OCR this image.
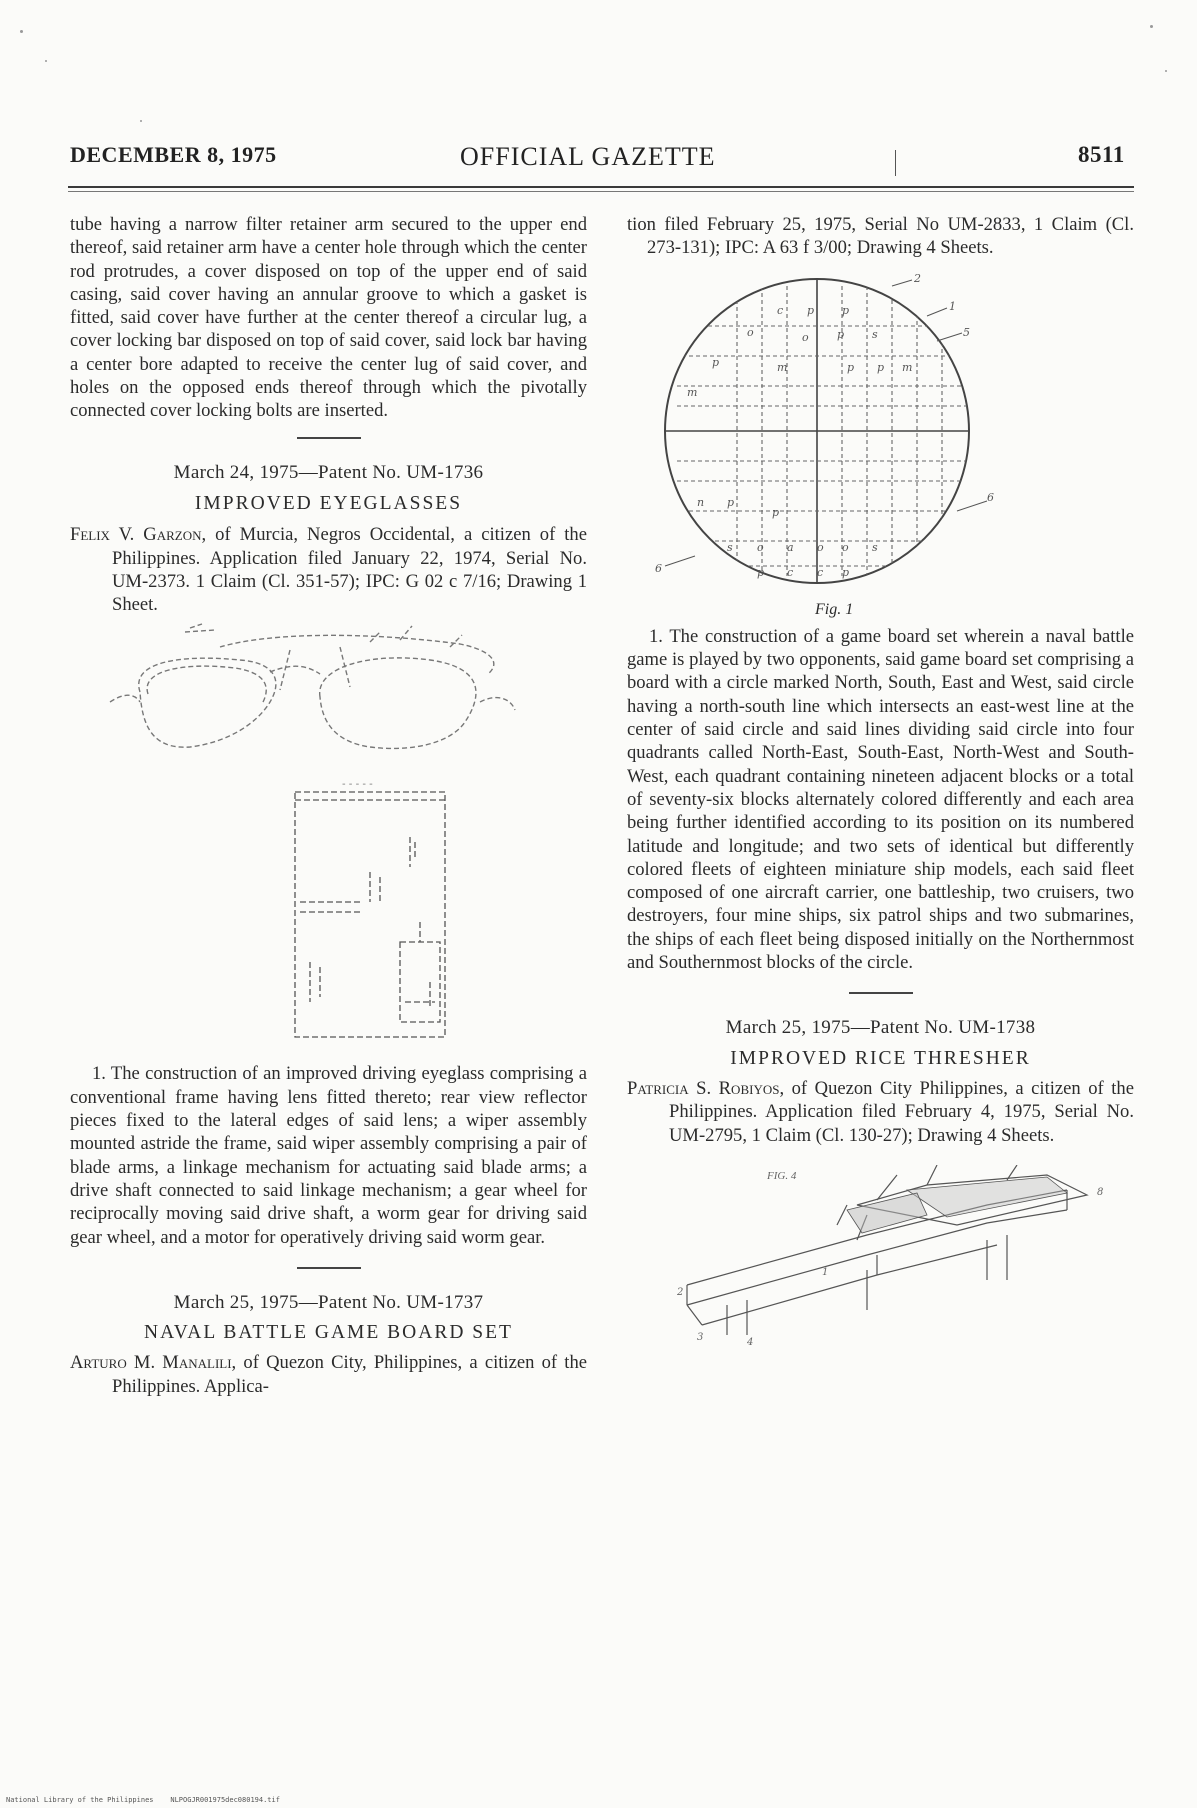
DECEMBER 8, 1975	OFFICIAL GAZETTE	8511

tube having a narrow filter retainer arm secured to the upper end thereof, said retainer arm have a center hole through which the center rod protrudes, a cover disposed on top of the upper end of said casing, said cover having an annular groove to which a gasket is fitted, said cover have further at the center thereof a circular lug, a cover locking bar disposed on top of said cover, said lock bar having a center bore adapted to receive the center lug of said cover, and holes on the opposed ends thereof through which the pivotally connected cover locking bolts are inserted.

March 24, 1975—Patent No. UM-1736

IMPROVED EYEGLASSES

Felix V. Garzon, of Murcia, Negros Occidental, a citizen of the Philippines. Application filed January 22, 1974, Serial No. UM-2373. 1 Claim (Cl. 351-57); IPC: G 02 c 7/16; Drawing 1 Sheet.

- - - - -

1. The construction of an improved driving eyeglass comprising a conventional frame having lens fitted thereto; rear view reflector pieces fixed to the lateral edges of said lens; a wiper assembly mounted astride the frame, said wiper assembly comprising a pair of blade arms, a linkage mechanism for actuating said blade arms; a drive shaft connected to said linkage mechanism; a gear wheel for reciprocally moving said drive shaft, a worm gear for driving said gear wheel, and a motor for operatively driving said worm gear.

March 25, 1975—Patent No. UM-1737

NAVAL BATTLE GAME BOARD SET

Arturo M. Manalili, of Quezon City, Philippines, a citizen of the Philippines. Applica-

tion filed February 25, 1975, Serial No UM-2833, 1 Claim (Cl. 273-131); IPC: A 63 f 3/00; Drawing 4 Sheets.

c p	p
o	o	p	s
m	p p m
p
m
n p
p
s o a o o s
p c c p
2
1
5
6
6

Fig. 1

1. The construction of a game board set wherein a naval battle game is played by two opponents, said game board set comprising a board with a circle marked North, South, East and West, said circle having a north-south line which intersects an east-west line at the center of said circle and said lines dividing said circle into four quadrants called North-East, South-East, North-West and South-West, each quadrant containing nineteen adjacent blocks or a total of seventy-six blocks alternately colored differently and each area being further identified according to its position on its numbered latitude and longitude; and two sets of identical but differently colored fleets of eighteen miniature ship models, each said fleet composed of one aircraft carrier, one battleship, two cruisers, two destroyers, four mine ships, six patrol ships and two submarines, the ships of each fleet being disposed initially on the Northernmost and Southernmost blocks of the circle.

March 25, 1975—Patent No. UM-1738

IMPROVED RICE THRESHER

Patricia S. Robiyos, of Quezon City Philippines, a citizen of the Philippines. Application filed February 4, 1975, Serial No. UM-2795, 1 Claim (Cl. 130-27); Drawing 4 Sheets.

FIG. 4
2
3	4
1
8
National Library of the Philippines NLPOGJR001975dec080194.tif
